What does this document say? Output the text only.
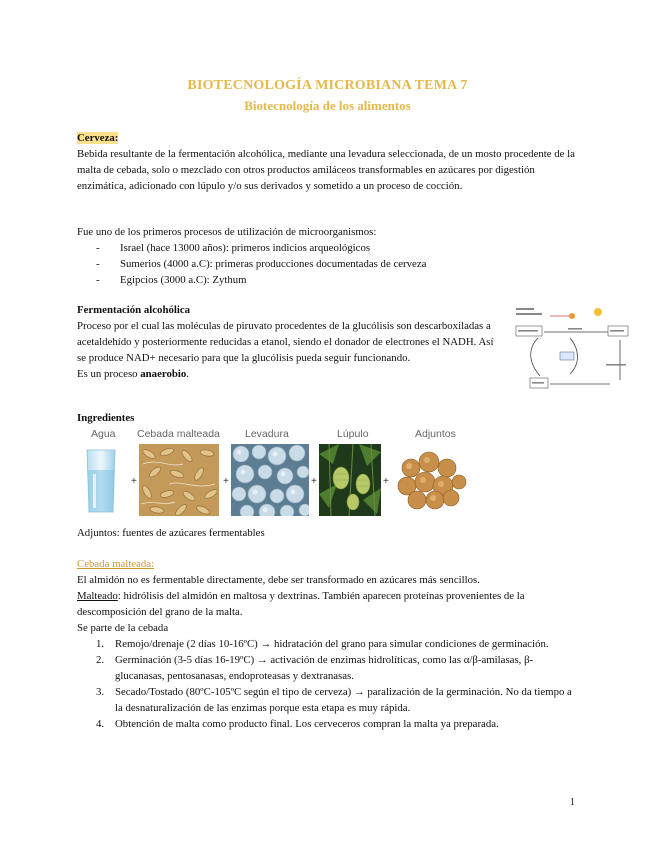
BIOTECNOLOGÍA MICROBIANA TEMA 7
Biotecnología de los alimentos
Cerveza:
Bebida resultante de la fermentación alcohólica, mediante una levadura seleccionada, de un mosto procedente de la malta de cebada, solo o mezclado con otros productos amiláceos transformables en azúcares por digestión enzimática, adicionado con lúpulo y/o sus derivados y sometido a un proceso de cocción.
Fue uno de los primeros procesos de utilización de microorganismos:
- Israel (hace 13000 años): primeros indicios arqueológicos
- Sumerios (4000 a.C): primeras producciones documentadas de cerveza
- Egipcios (3000 a.C): Zythum
Fermentación alcohólica
Proceso por el cual las moléculas de piruvato procedentes de la glucólisis son descarboxiladas a acetaldehído y posteriormente reducidas a etanol, siendo el donador de electrones el NADH. Así se produce NAD+ necesario para que la glucólisis pueda seguir funcionando.
Es un proceso anaerobio.
Ingredientes
Agua Cebada malteada Levadura	Lúpulo	Adjuntos
+	+	+	+
Adjuntos: fuentes de azúcares fermentables
Cebada malteada:
El almidón no es fermentable directamente, debe ser transformado en azúcares más sencillos.
Malteado: hidrólisis del almidón en maltosa y dextrinas. También aparecen proteínas provenientes de la descomposición del grano de la malta.
Se parte de la cebada
1. Remojo/drenaje (2 días 10-16ºC) → hidratación del grano para simular condiciones de germinación.
2. Germinación (3-5 días 16-19ºC) → activación de enzimas hidrolíticas, como las α/β-amilasas, β-glucanasas, pentosanasas, endoproteasas y dextranasas.
3. Secado/Tostado (80ºC-105ºC según el tipo de cerveza) → paralización de la germinación. No da tiempo a la desnaturalización de las enzimas porque esta etapa es muy rápida.
4. Obtención de malta como producto final. Los cerveceros compran la malta ya preparada.
1
